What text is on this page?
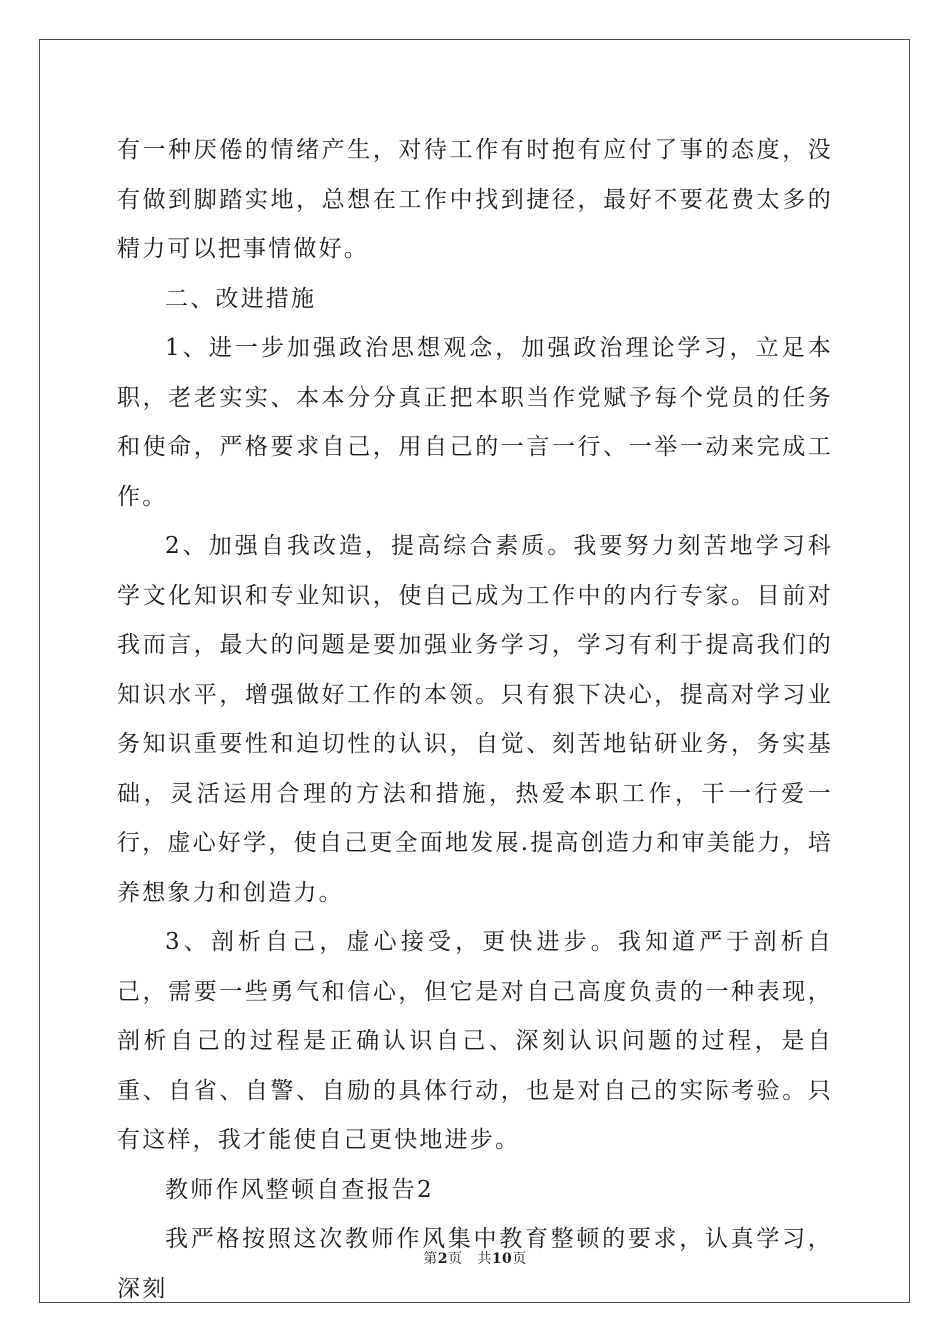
有一种厌倦的情绪产生，对待工作有时抱有应付了事的态度，没有做到脚踏实地，总想在工作中找到捷径，最好不要花费太多的精力可以把事情做好。

二、改进措施

1、进一步加强政治思想观念，加强政治理论学习，立足本职，老老实实、本本分分真正把本职当作党赋予每个党员的任务和使命，严格要求自己，用自己的一言一行、一举一动来完成工作。

2、加强自我改造，提高综合素质。我要努力刻苦地学习科学文化知识和专业知识，使自己成为工作中的内行专家。目前对我而言，最大的问题是要加强业务学习，学习有利于提高我们的知识水平，增强做好工作的本领。只有狠下决心，提高对学习业务知识重要性和迫切性的认识，自觉、刻苦地钻研业务，务实基础，灵活运用合理的方法和措施，热爱本职工作，干一行爱一行，虚心好学，使自己更全面地发展.提高创造力和审美能力，培养想象力和创造力。

3、剖析自己，虚心接受，更快进步。我知道严于剖析自己，需要一些勇气和信心，但它是对自己高度负责的一种表现，剖析自己的过程是正确认识自己、深刻认识问题的过程，是自重、自省、自警、自励的具体行动，也是对自己的实际考验。只有这样，我才能使自己更快地进步。

教师作风整顿自查报告2

我严格按照这次教师作风集中教育整顿的要求，认真学习，深刻

第2页 共10页
